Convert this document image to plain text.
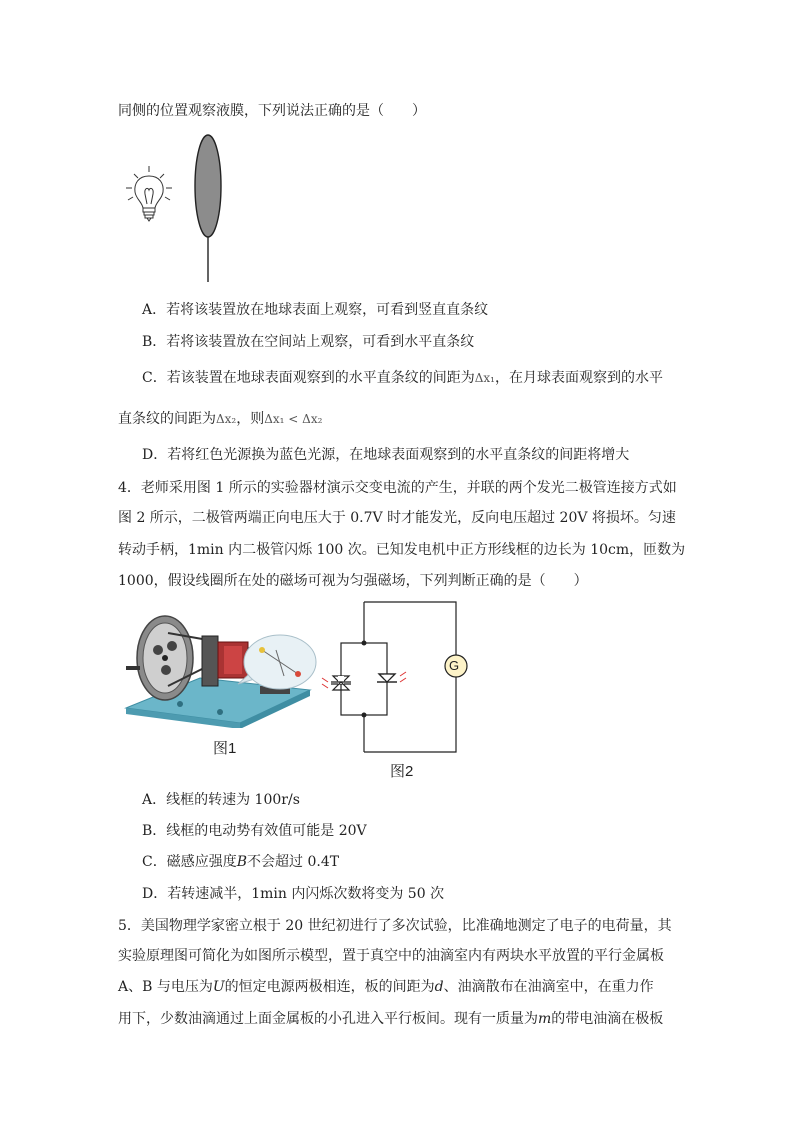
同侧的位置观察液膜，下列说法正确的是（　　）
A．若将该装置放在地球表面上观察，可看到竖直直条纹
B．若将该装置放在空间站上观察，可看到水平直条纹
C．若该装置在地球表面观察到的水平直条纹的间距为Δx₁，在月球表面观察到的水平
直条纹的间距为Δx₂，则Δx₁ < Δx₂
D．若将红色光源换为蓝色光源，在地球表面观察到的水平直条纹的间距将增大
4．老师采用图 1 所示的实验器材演示交变电流的产生，并联的两个发光二极管连接方式如
图 2 所示，二极管两端正向电压大于 0.7V 时才能发光，反向电压超过 20V 将损坏。匀速
转动手柄，1min 内二极管闪烁 100 次。已知发电机中正方形线框的边长为 10cm，匝数为
1000，假设线圈所在处的磁场可视为匀强磁场，下列判断正确的是（　　）
G
图1
图2
A．线框的转速为 100r/s
B．线框的电动势有效值可能是 20V
C．磁感应强度B不会超过 0.4T
D．若转速减半，1min 内闪烁次数将变为 50 次
5．美国物理学家密立根于 20 世纪初进行了多次试验，比准确地测定了电子的电荷量，其
实验原理图可简化为如图所示模型，置于真空中的油滴室内有两块水平放置的平行金属板
A、B 与电压为U的恒定电源两极相连，板的间距为d、油滴散布在油滴室中，在重力作
用下，少数油滴通过上面金属板的小孔进入平行板间。现有一质量为m的带电油滴在极板
